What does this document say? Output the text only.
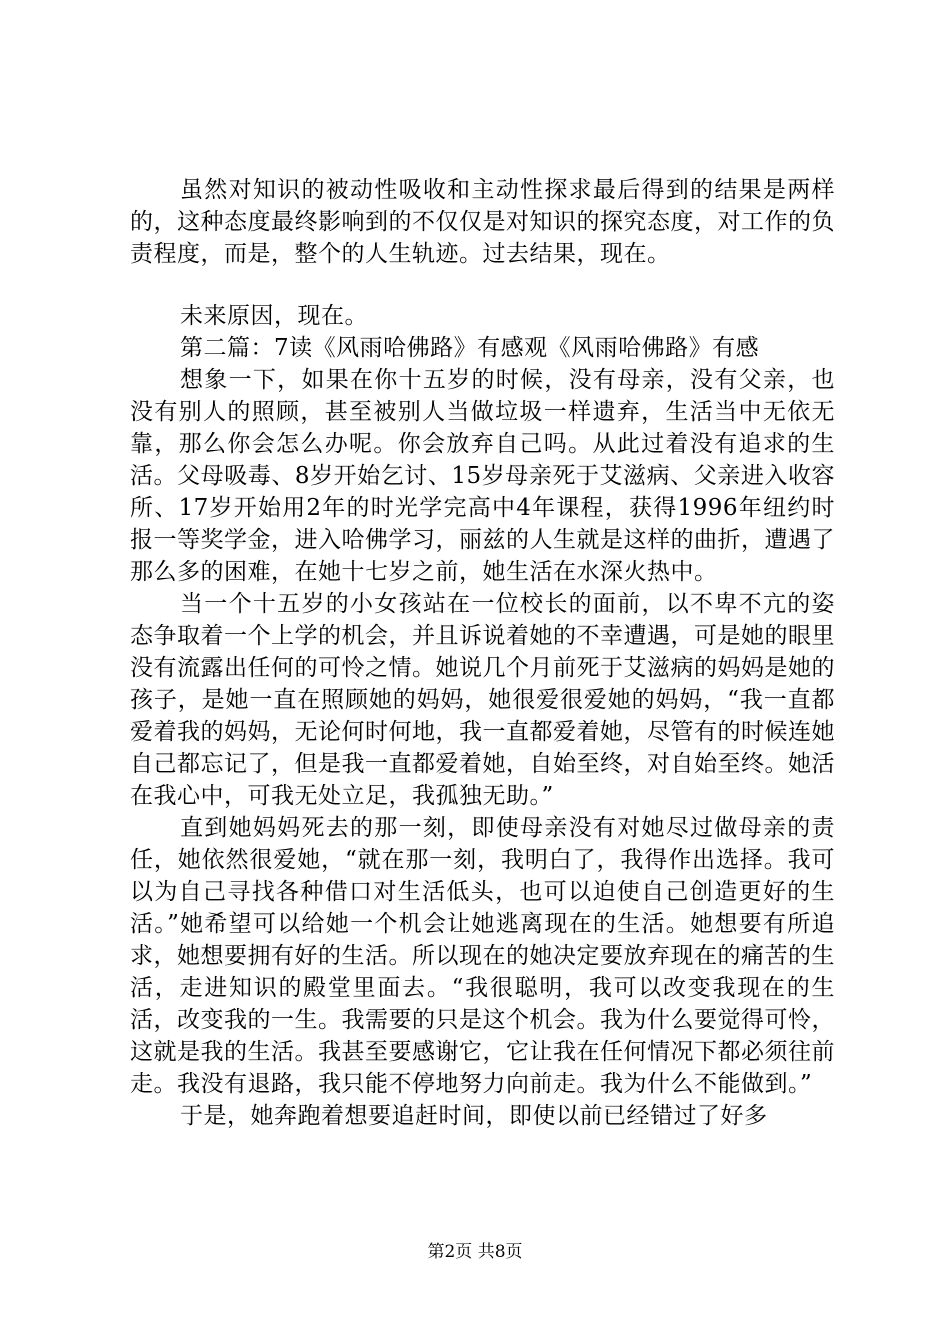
虽然对知识的被动性吸收和主动性探求最后得到的结果是两样的，这种态度最终影响到的不仅仅是对知识的探究态度，对工作的负责程度，而是，整个的人生轨迹。过去结果，现在。

未来原因，现在。

第二篇：7读《风雨哈佛路》有感观《风雨哈佛路》有感

想象一下，如果在你十五岁的时候，没有母亲，没有父亲，也没有别人的照顾，甚至被别人当做垃圾一样遗弃，生活当中无依无靠，那么你会怎么办呢。你会放弃自己吗。从此过着没有追求的生活。父母吸毒、8岁开始乞讨、15岁母亲死于艾滋病、父亲进入收容所、17岁开始用2年的时光学完高中4年课程，获得1996年纽约时报一等奖学金，进入哈佛学习，丽兹的人生就是这样的曲折，遭遇了那么多的困难，在她十七岁之前，她生活在水深火热中。

当一个十五岁的小女孩站在一位校长的面前，以不卑不亢的姿态争取着一个上学的机会，并且诉说着她的不幸遭遇，可是她的眼里没有流露出任何的可怜之情。她说几个月前死于艾滋病的妈妈是她的孩子，是她一直在照顾她的妈妈，她很爱很爱她的妈妈，“我一直都爱着我的妈妈，无论何时何地，我一直都爱着她，尽管有的时候连她自己都忘记了，但是我一直都爱着她，自始至终，对自始至终。她活在我心中，可我无处立足，我孤独无助。”

直到她妈妈死去的那一刻，即使母亲没有对她尽过做母亲的责任，她依然很爱她，“就在那一刻，我明白了，我得作出选择。我可以为自己寻找各种借口对生活低头，也可以迫使自己创造更好的生活。”她希望可以给她一个机会让她逃离现在的生活。她想要有所追求，她想要拥有好的生活。所以现在的她决定要放弃现在的痛苦的生活，走进知识的殿堂里面去。“我很聪明，我可以改变我现在的生活，改变我的一生。我需要的只是这个机会。我为什么要觉得可怜，这就是我的生活。我甚至要感谢它，它让我在任何情况下都必须往前走。我没有退路，我只能不停地努力向前走。我为什么不能做到。”

于是，她奔跑着想要追赶时间，即使以前已经错过了好多

第2页 共8页
